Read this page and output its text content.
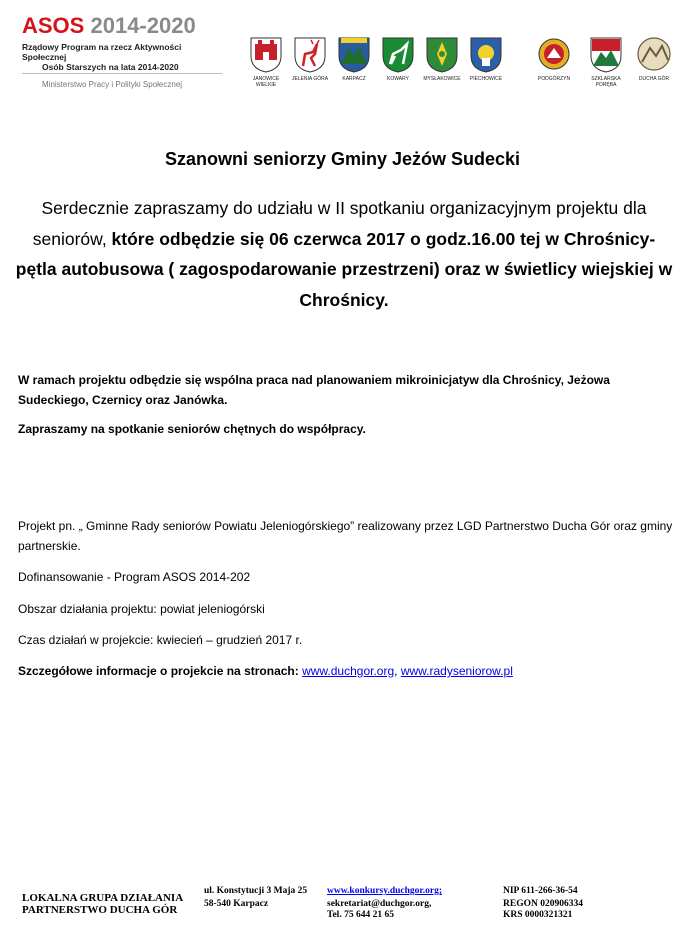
ASOS 2014-2020
Rządowy Program na rzecz Aktywności Społecznej
Osób Starszych na lata 2014-2020
Ministerstwo Pracy i Polityki Społecznej
JANOWICE WIELKIE
JELENIA GÓRA	KARPACZ	KOWARY	MYSŁAKOWICE	PIECHOWICE	PODGÓRZYN	SZKLARSKA PORĘBA
DUCHA GÓR
Szanowni seniorzy Gminy Jeżów Sudecki
Serdecznie zapraszamy do udziału w II spotkaniu organizacyjnym projektu dla seniorów, które odbędzie się 06 czerwca 2017 o godz.16.00 tej w Chrośnicy- pętla autobusowa ( zagospodarowanie przestrzeni) oraz w świetlicy wiejskiej w Chrośnicy.
W ramach projektu odbędzie się wspólna praca nad planowaniem mikroinicjatyw dla Chrośnicy, Jeżowa Sudeckiego, Czernicy oraz Janówka.
Zapraszamy na spotkanie seniorów chętnych do współpracy.
Projekt pn. „ Gminne Rady seniorów Powiatu Jeleniogórskiego” realizowany przez LGD Partnerstwo Ducha Gór oraz gminy partnerskie.
Dofinansowanie - Program ASOS 2014-202
Obszar działania projektu: powiat jeleniogórski
Czas działań w projekcie: kwiecień – grudzień 2017 r.
Szczegółowe informacje o projekcie na stronach: www.duchgor.org, www.radyseniorow.pl
LOKALNA GRUPA DZIAŁANIA
PARTNERSTWO DUCHA GÓR
ul. Konstytucji 3 Maja 25
58-540 Karpacz
www.konkursy.duchgor.org;
sekretariat@duchgor.org,
Tel. 75 644 21 65
NIP 611-266-36-54
REGON 020906334
KRS 0000321321
